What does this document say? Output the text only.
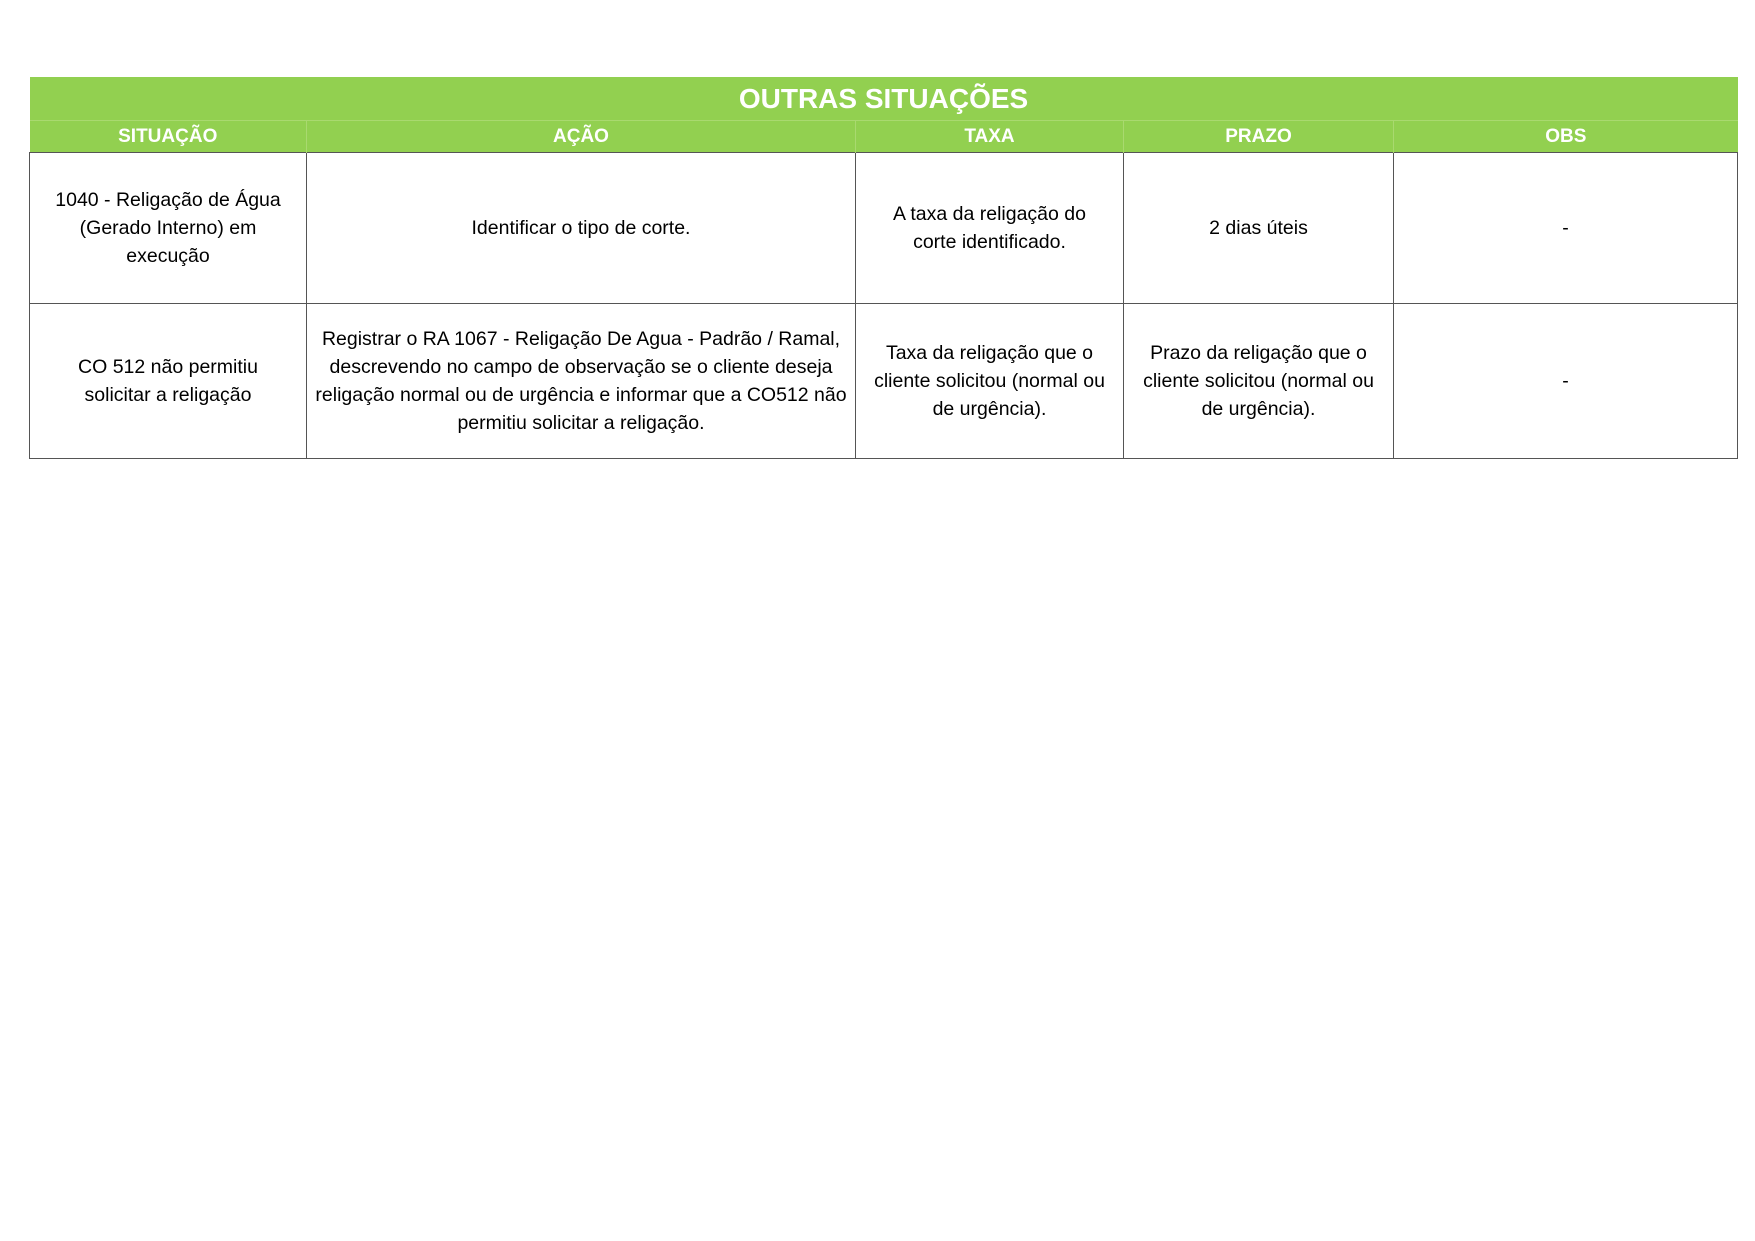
OUTRAS SITUAÇÕES				
SITUAÇÃO	AÇÃO	TAXA	PRAZO	OBS
1040 - Religação de Água (Gerado Interno) em execução	Identificar o tipo de corte.	A taxa da religação do corte identificado.	2 dias úteis	-
CO 512 não permitiu solicitar a religação	Registrar o RA 1067 - Religação De Agua - Padrão / Ramal, descrevendo no campo de observação se o cliente deseja religação normal ou de urgência e informar que a CO512 não permitiu solicitar a religação.	Taxa da religação que o cliente solicitou (normal ou de urgência).	Prazo da religação que o cliente solicitou (normal ou de urgência).	-
